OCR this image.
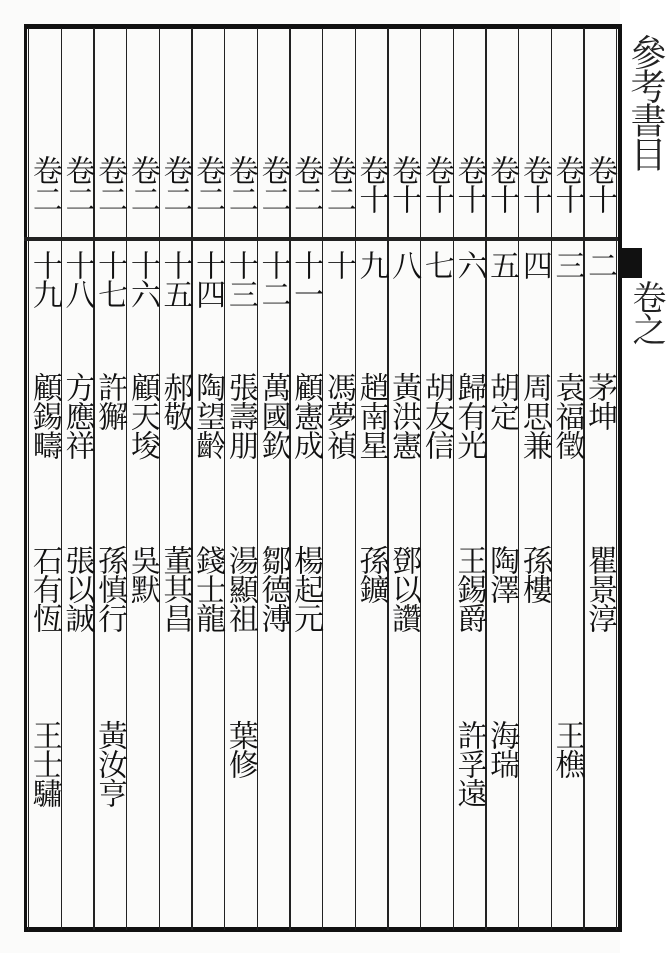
參考書目
卷之
卷十
二
茅坤
瞿景淳
卷十
三
袁福徵
王樵
卷十
四
周思兼
孫樓
卷十
五
胡定
陶澤
海瑞
卷十
六
歸有光
王錫爵
許孚遠
卷十
七
胡友信
卷十
八
黃洪憲
鄧以讚
卷十
九
趙南星
孫鑛
卷二
十
馮夢禎
卷二
十一
顧憲成
楊起元
卷二
十二
萬國欽
鄒德溥
卷二
十三
張壽朋
湯顯祖
葉修
卷二
十四
陶望齡
錢士龍
卷二
十五
郝敬
董其昌
卷二
十六
顧天埈
吳默
卷二
十七
許獬
孫慎行
黃汝亨
卷二
十八
方應祥
張以誠
卷二
十九
顧錫疇
石有恆
王士驌
